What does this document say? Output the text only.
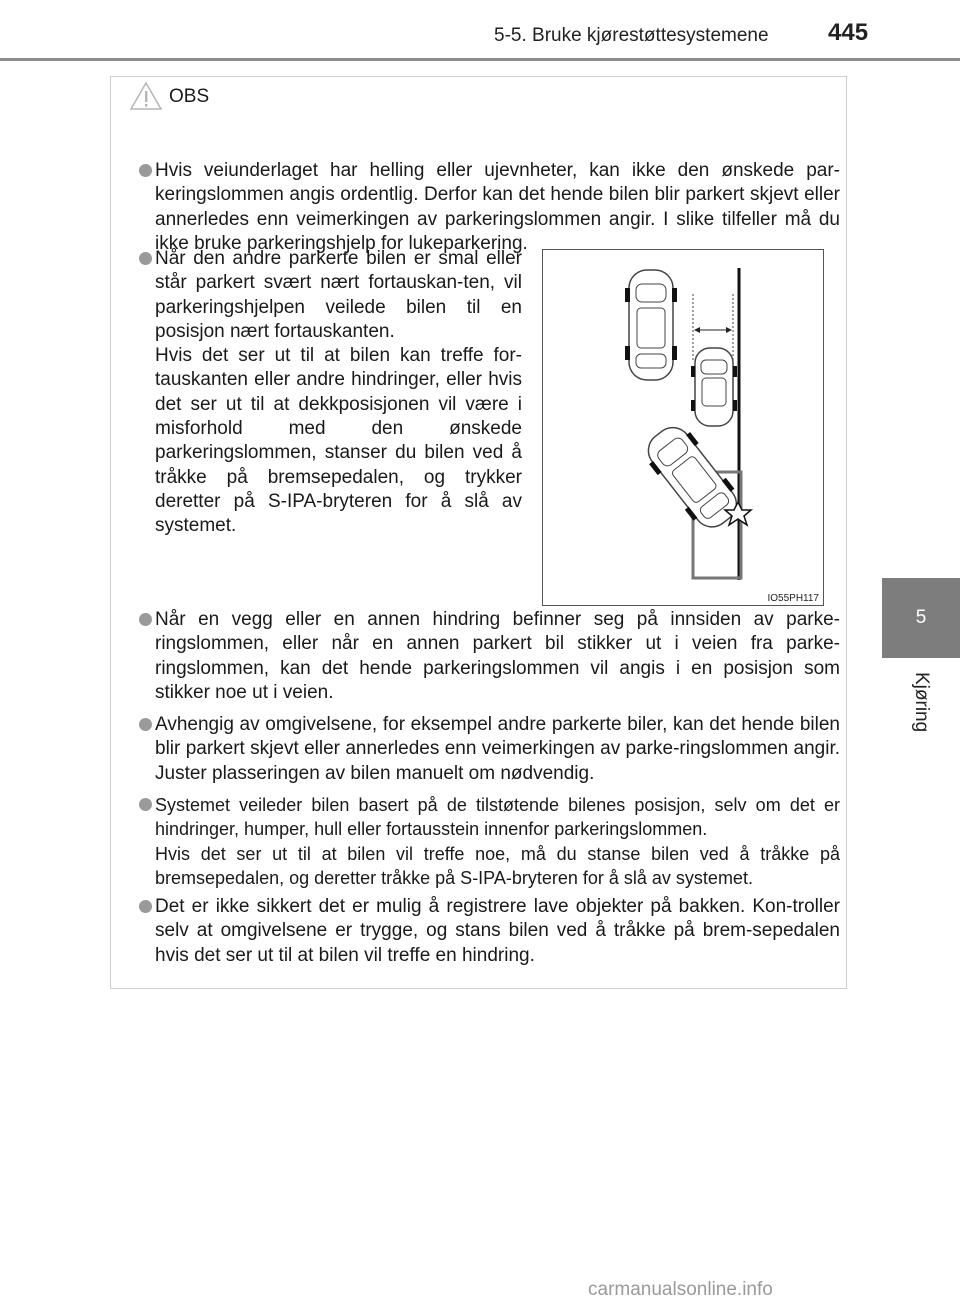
5-5. Bruke kjørestøttesystemene 445
5
Kjøring
OBS

Hvis veiunderlaget har helling eller ujevnheter, kan ikke den ønskede par-keringslommen angis ordentlig. Derfor kan det hende bilen blir parkert skjevt eller annerledes enn veimerkingen av parkeringslommen angir. I slike tilfeller må du ikke bruke parkeringshjelp for lukeparkering.

Når den andre parkerte bilen er smal eller står parkert svært nært fortauskan-ten, vil parkeringshjelpen veilede bilen til en posisjon nært fortauskanten.

Hvis det ser ut til at bilen kan treffe for-tauskanten eller andre hindringer, eller hvis det ser ut til at dekkposisjonen vil være i misforhold med den ønskede parkeringslommen, stanser du bilen ved å tråkke på bremsepedalen, og trykker deretter på S-IPA-bryteren for å slå av systemet.

IO55PH117

Når en vegg eller en annen hindring befinner seg på innsiden av parke-ringslommen, eller når en annen parkert bil stikker ut i veien fra parke-ringslommen, kan det hende parkeringslommen vil angis i en posisjon som stikker noe ut i veien.

Avhengig av omgivelsene, for eksempel andre parkerte biler, kan det hende bilen blir parkert skjevt eller annerledes enn veimerkingen av parke-ringslommen angir. Juster plasseringen av bilen manuelt om nødvendig.

Systemet veileder bilen basert på de tilstøtende bilenes posisjon, selv om det er hindringer, humper, hull eller fortausstein innenfor parkeringslommen.

Hvis det ser ut til at bilen vil treffe noe, må du stanse bilen ved å tråkke på bremsepedalen, og deretter tråkke på S-IPA-bryteren for å slå av systemet.

Det er ikke sikkert det er mulig å registrere lave objekter på bakken. Kon-troller selv at omgivelsene er trygge, og stans bilen ved å tråkke på brem-sepedalen hvis det ser ut til at bilen vil treffe en hindring.

carmanualsonline.info
